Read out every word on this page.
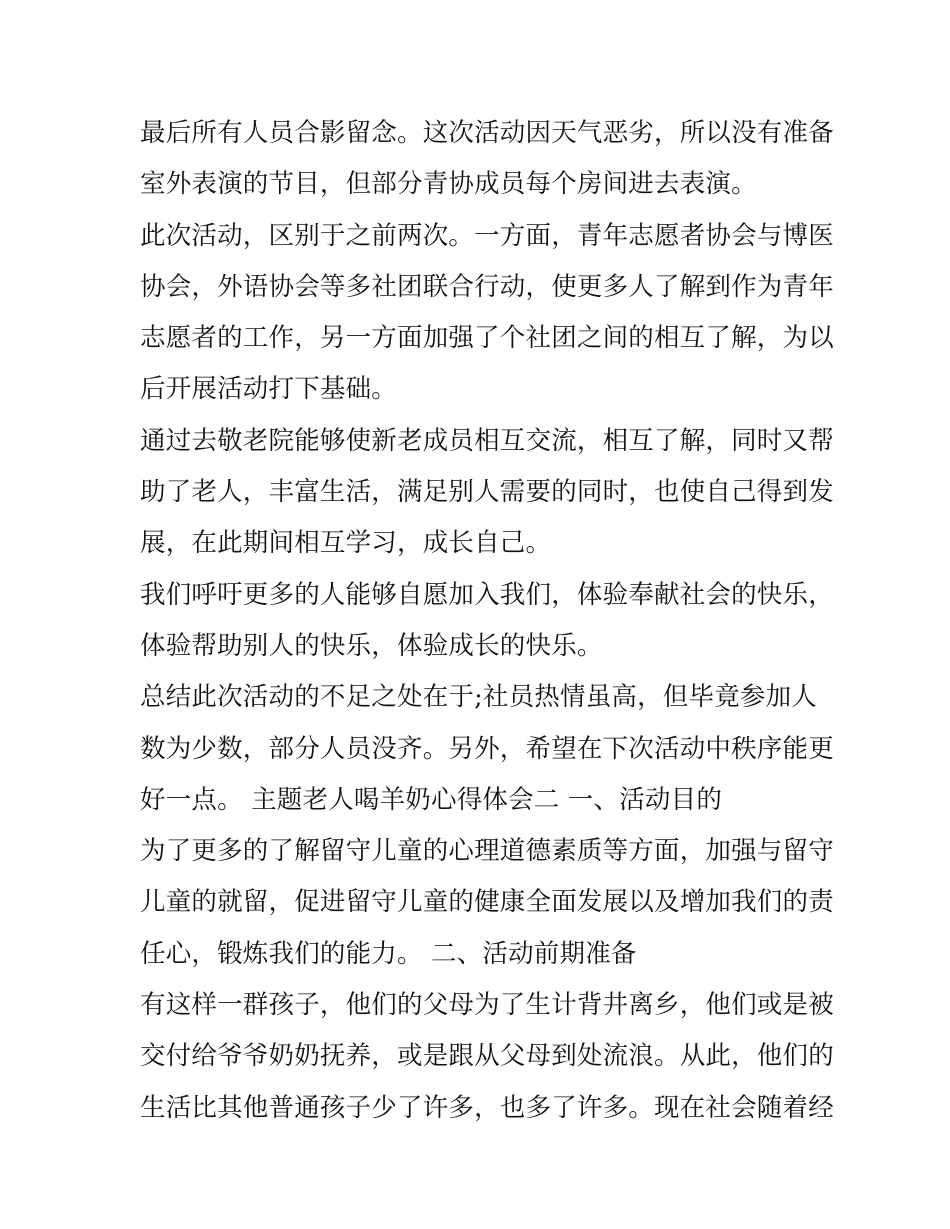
最后所有人员合影留念。这次活动因天气恶劣，所以没有准备
室外表演的节目，但部分青协成员每个房间进去表演。
此次活动，区别于之前两次。一方面，青年志愿者协会与博医
协会，外语协会等多社团联合行动，使更多人了解到作为青年
志愿者的工作，另一方面加强了个社团之间的相互了解，为以
后开展活动打下基础。
通过去敬老院能够使新老成员相互交流，相互了解，同时又帮
助了老人，丰富生活，满足别人需要的同时，也使自己得到发
展，在此期间相互学习，成长自己。
我们呼吁更多的人能够自愿加入我们，体验奉献社会的快乐，
体验帮助别人的快乐，体验成长的快乐。
总结此次活动的不足之处在于;社员热情虽高，但毕竟参加人
数为少数，部分人员没齐。另外，希望在下次活动中秩序能更
好一点。 主题老人喝羊奶心得体会二 一、活动目的
为了更多的了解留守儿童的心理道德素质等方面，加强与留守
儿童的就留，促进留守儿童的健康全面发展以及增加我们的责
任心，锻炼我们的能力。 二、活动前期准备
有这样一群孩子，他们的父母为了生计背井离乡，他们或是被
交付给爷爷奶奶抚养，或是跟从父母到处流浪。从此，他们的
生活比其他普通孩子少了许多，也多了许多。现在社会随着经
